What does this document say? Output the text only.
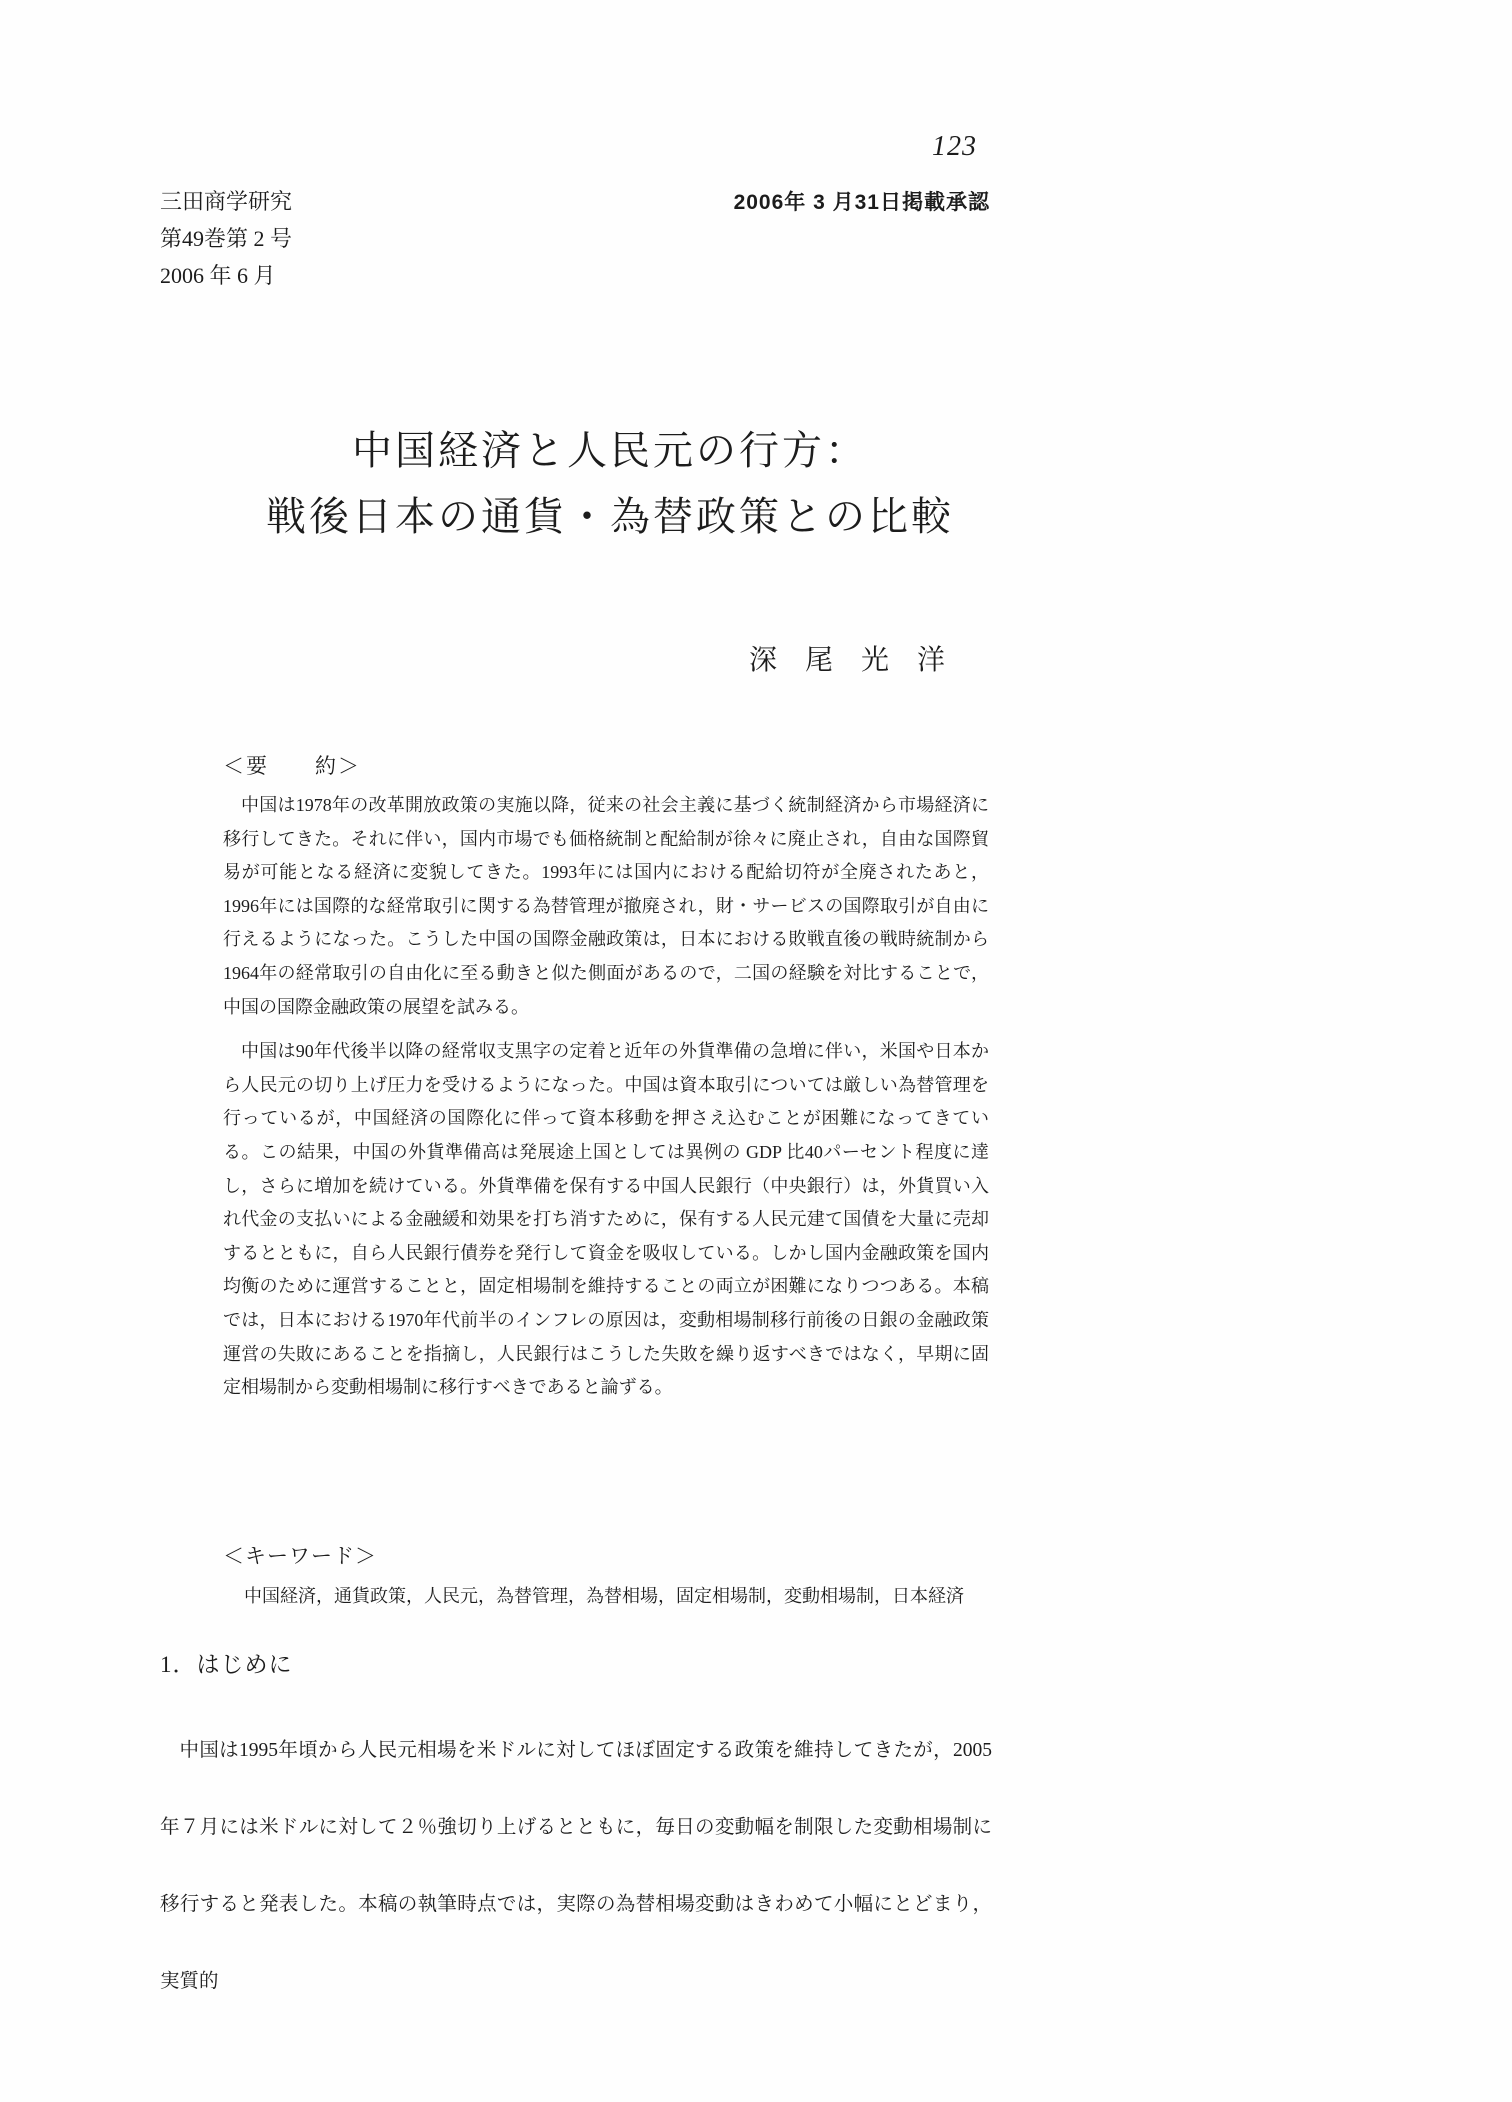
123
三田商学研究
第49巻第 2 号
2006 年 6 月
2006年 3 月31日掲載承認
中国経済と人民元の行方：
戦後日本の通貨・為替政策との比較
深　尾　光　洋
＜要　　約＞

中国は1978年の改革開放政策の実施以降，従来の社会主義に基づく統制経済から市場経済に移行してきた。それに伴い，国内市場でも価格統制と配給制が徐々に廃止され，自由な国際貿易が可能となる経済に変貌してきた。1993年には国内における配給切符が全廃されたあと，1996年には国際的な経常取引に関する為替管理が撤廃され，財・サービスの国際取引が自由に行えるようになった。こうした中国の国際金融政策は，日本における敗戦直後の戦時統制から1964年の経常取引の自由化に至る動きと似た側面があるので，二国の経験を対比することで，中国の国際金融政策の展望を試みる。

中国は90年代後半以降の経常収支黒字の定着と近年の外貨準備の急増に伴い，米国や日本から人民元の切り上げ圧力を受けるようになった。中国は資本取引については厳しい為替管理を行っているが，中国経済の国際化に伴って資本移動を押さえ込むことが困難になってきている。この結果，中国の外貨準備高は発展途上国としては異例の GDP 比40パーセント程度に達し，さらに増加を続けている。外貨準備を保有する中国人民銀行（中央銀行）は，外貨買い入れ代金の支払いによる金融緩和効果を打ち消すために，保有する人民元建て国債を大量に売却するとともに，自ら人民銀行債券を発行して資金を吸収している。しかし国内金融政策を国内均衡のために運営することと，固定相場制を維持することの両立が困難になりつつある。本稿では，日本における1970年代前半のインフレの原因は，変動相場制移行前後の日銀の金融政策運営の失敗にあることを指摘し，人民銀行はこうした失敗を繰り返すべきではなく，早期に固定相場制から変動相場制に移行すべきであると論ずる。

＜キーワード＞
中国経済，通貨政策，人民元，為替管理，為替相場，固定相場制，変動相場制，日本経済
1．はじめに

中国は1995年頃から人民元相場を米ドルに対してほぼ固定する政策を維持してきたが，2005年７月には米ドルに対して２％強切り上げるとともに，毎日の変動幅を制限した変動相場制に移行すると発表した。本稿の執筆時点では，実際の為替相場変動はきわめて小幅にとどまり，実質的
